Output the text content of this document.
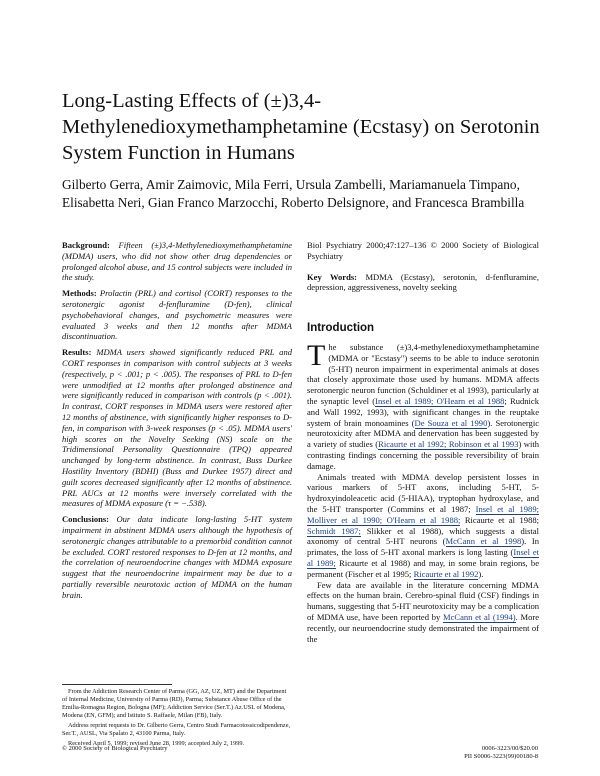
Long-Lasting Effects of (±)3,4-Methylenedioxymethamphetamine (Ecstasy) on Serotonin System Function in Humans
Gilberto Gerra, Amir Zaimovic, Mila Ferri, Ursula Zambelli, Mariamanuela Timpano, Elisabetta Neri, Gian Franco Marzocchi, Roberto Delsignore, and Francesca Brambilla

Background: Fifteen (±)3,4-Methylenedioxymethamphetamine (MDMA) users, who did not show other drug dependencies or prolonged alcohol abuse, and 15 control subjects were included in the study.

Methods: Prolactin (PRL) and cortisol (CORT) responses to the serotonergic agonist d-fenfluramine (D-fen), clinical psychobehavioral changes, and psychometric measures were evaluated 3 weeks and then 12 months after MDMA discontinuation.

Results: MDMA users showed significantly reduced PRL and CORT responses in comparison with control subjects at 3 weeks (respectively, p < .001; p < .005). The responses of PRL to D-fen were unmodified at 12 months after prolonged abstinence and were significantly reduced in comparison with controls (p < .001). In contrast, CORT responses in MDMA users were restored after 12 months of abstinence, with significantly higher responses to D-fen, in comparison with 3-week responses (p < .05). MDMA users' high scores on the Novelty Seeking (NS) scale on the Tridimensional Personality Questionnaire (TPQ) appeared unchanged by long-term abstinence. In contrast, Buss Durkee Hostility Inventory (BDHI) (Buss and Durkee 1957) direct and guilt scores decreased significantly after 12 months of abstinence. PRL AUCs at 12 months were inversely correlated with the measures of MDMA exposure (τ = −.538).

Conclusions: Our data indicate long-lasting 5-HT system impairment in abstinent MDMA users although the hypothesis of serotonergic changes attributable to a premorbid condition cannot be excluded. CORT restored responses to D-fen at 12 months, and the correlation of neuroendocrine changes with MDMA exposure suggest that the neuroendocrine impairment may be due to a partially reversible neurotoxic action of MDMA on the human brain.

Biol Psychiatry 2000;47:127–136 © 2000 Society of Biological Psychiatry
Key Words: MDMA (Ecstasy), serotonin, d-fenfluramine, depression, aggressiveness, novelty seeking
Introduction

The substance (±)3,4-methylenedioxymethamphetamine (MDMA or "Ecstasy") seems to be able to induce serotonin (5-HT) neuron impairment in experimental animals at doses that closely approximate those used by humans. MDMA affects serotonergic neuron function (Schuldiner et al 1993), particularly at the synaptic level (Insel et al 1989; O'Hearn et al 1988; Rudnick and Wall 1992, 1993), with significant changes in the reuptake system of brain monoamines (De Souza et al 1990). Serotonergic neurotoxicity after MDMA and denervation has been suggested by a variety of studies (Ricaurte et al 1992; Robinson et al 1993) with contrasting findings concerning the possible reversibility of brain damage.

Animals treated with MDMA develop persistent losses in various markers of 5-HT axons, including 5-HT, 5-hydroxyindoleacetic acid (5-HIAA), tryptophan hydroxylase, and the 5-HT transporter (Commins et al 1987; Insel et al 1989; Molliver et al 1990; O'Hearn et al 1988; Ricaurte et al 1988; Schmidt 1987; Slikker et al 1988), which suggests a distal axonomy of central 5-HT neurons (McCann et al 1998). In primates, the loss of 5-HT axonal markers is long lasting (Insel et al 1989; Ricaurte et al 1988) and may, in some brain regions, be permanent (Fischer et al 1995; Ricaurte et al 1992).

Few data are available in the literature concerning MDMA effects on the human brain. Cerebro-spinal fluid (CSF) findings in humans, suggesting that 5-HT neurotoxicity may be a complication of MDMA use, have been reported by McCann et al (1994). More recently, our neuroendocrine study demonstrated the impairment of the

From the Addiction Research Center of Parma (GG, AZ, UZ, MT) and the Department of Internal Medicine, University of Parma (RD), Parma; Substance Abuse Office of the Emilia-Romagna Region, Bologna (MF); Addiction Service (Ser.T.) Az.USL of Modena, Modena (EN, GFM); and Istituto S. Raffaele, Milan (FB), Italy.

Address reprint requests to Dr. Gilberto Gerra, Centro Studi Farmacotossicodipendenze, Ser.T., AUSL, Via Spalato 2, 43100 Parma, Italy.

Received April 5, 1999; revised June 28, 1999; accepted July 2, 1999.

© 2000 Society of Biological Psychiatry	0006-3223/00/$20.00
PII S0006-3223(99)00180-8
